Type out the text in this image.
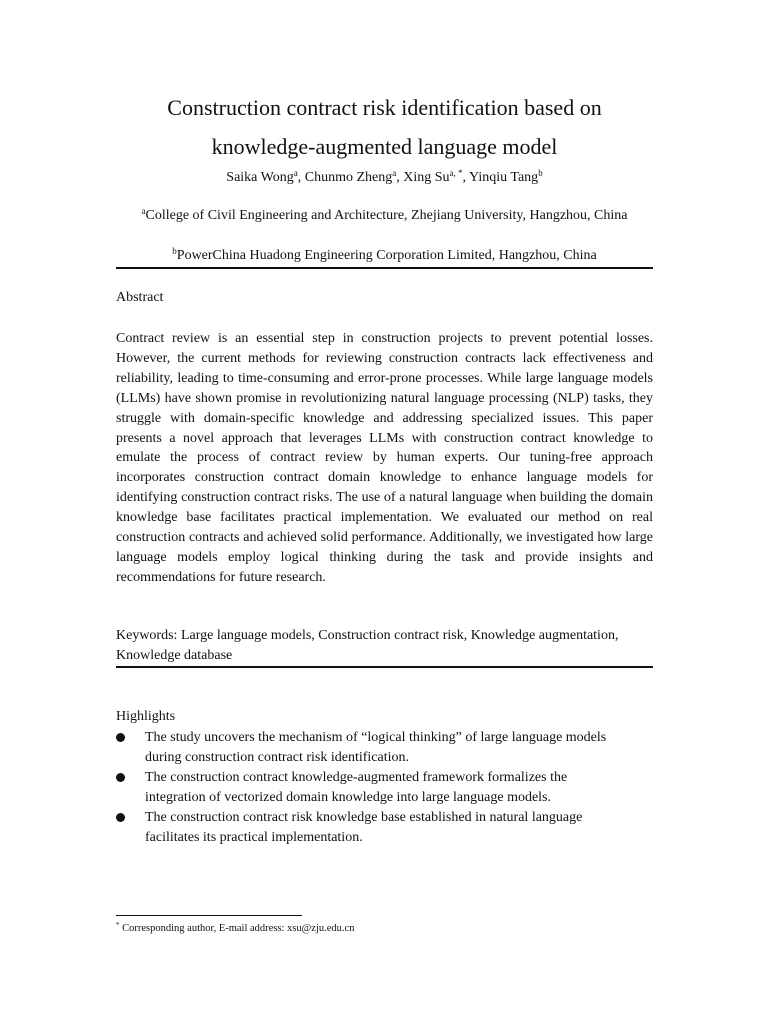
Construction contract risk identification based on
knowledge-augmented language model
Saika Wong$^a$, Chunmo Zheng$^a$, Xing $Su^{a, *}$, Yinqiu Tang$^b$
$^a$College of Civil Engineering and Architecture, Zhejiang University, Hangzhou, China
$^b$PowerChina Huadong Engineering Corporation Limited, Hangzhou, China
Abstract

Contract review is an essential step in construction projects to prevent potential losses. However, the current methods for reviewing construction contracts lack effectiveness and reliability, leading to time-consuming and error-prone processes. While large language models (LLMs) have shown promise in revolutionizing natural language processing (NLP) tasks, they struggle with domain-specific knowledge and addressing specialized issues. This paper presents a novel approach that leverages LLMs with construction contract knowledge to emulate the process of contract review by human experts. Our tuning-free approach incorporates construction contract domain knowledge to enhance language models for identifying construction contract risks. The use of a natural language when building the domain knowledge base facilitates practical implementation. We evaluated our method on real construction contracts and achieved solid performance. Additionally, we investigated how large language models employ logical thinking during the task and provide insights and recommendations for future research.

Keywords: Large language models, Construction contract risk, Knowledge augmentation, Knowledge database
Highlights
The study uncovers the mechanism of “logical thinking” of large language models during construction contract risk identification.
The construction contract knowledge-augmented framework formalizes the integration of vectorized domain knowledge into large language models.
The construction contract risk knowledge base established in natural language facilitates its practical implementation.
* Corresponding author, E-mail address: xsu@zju.edu.cn
